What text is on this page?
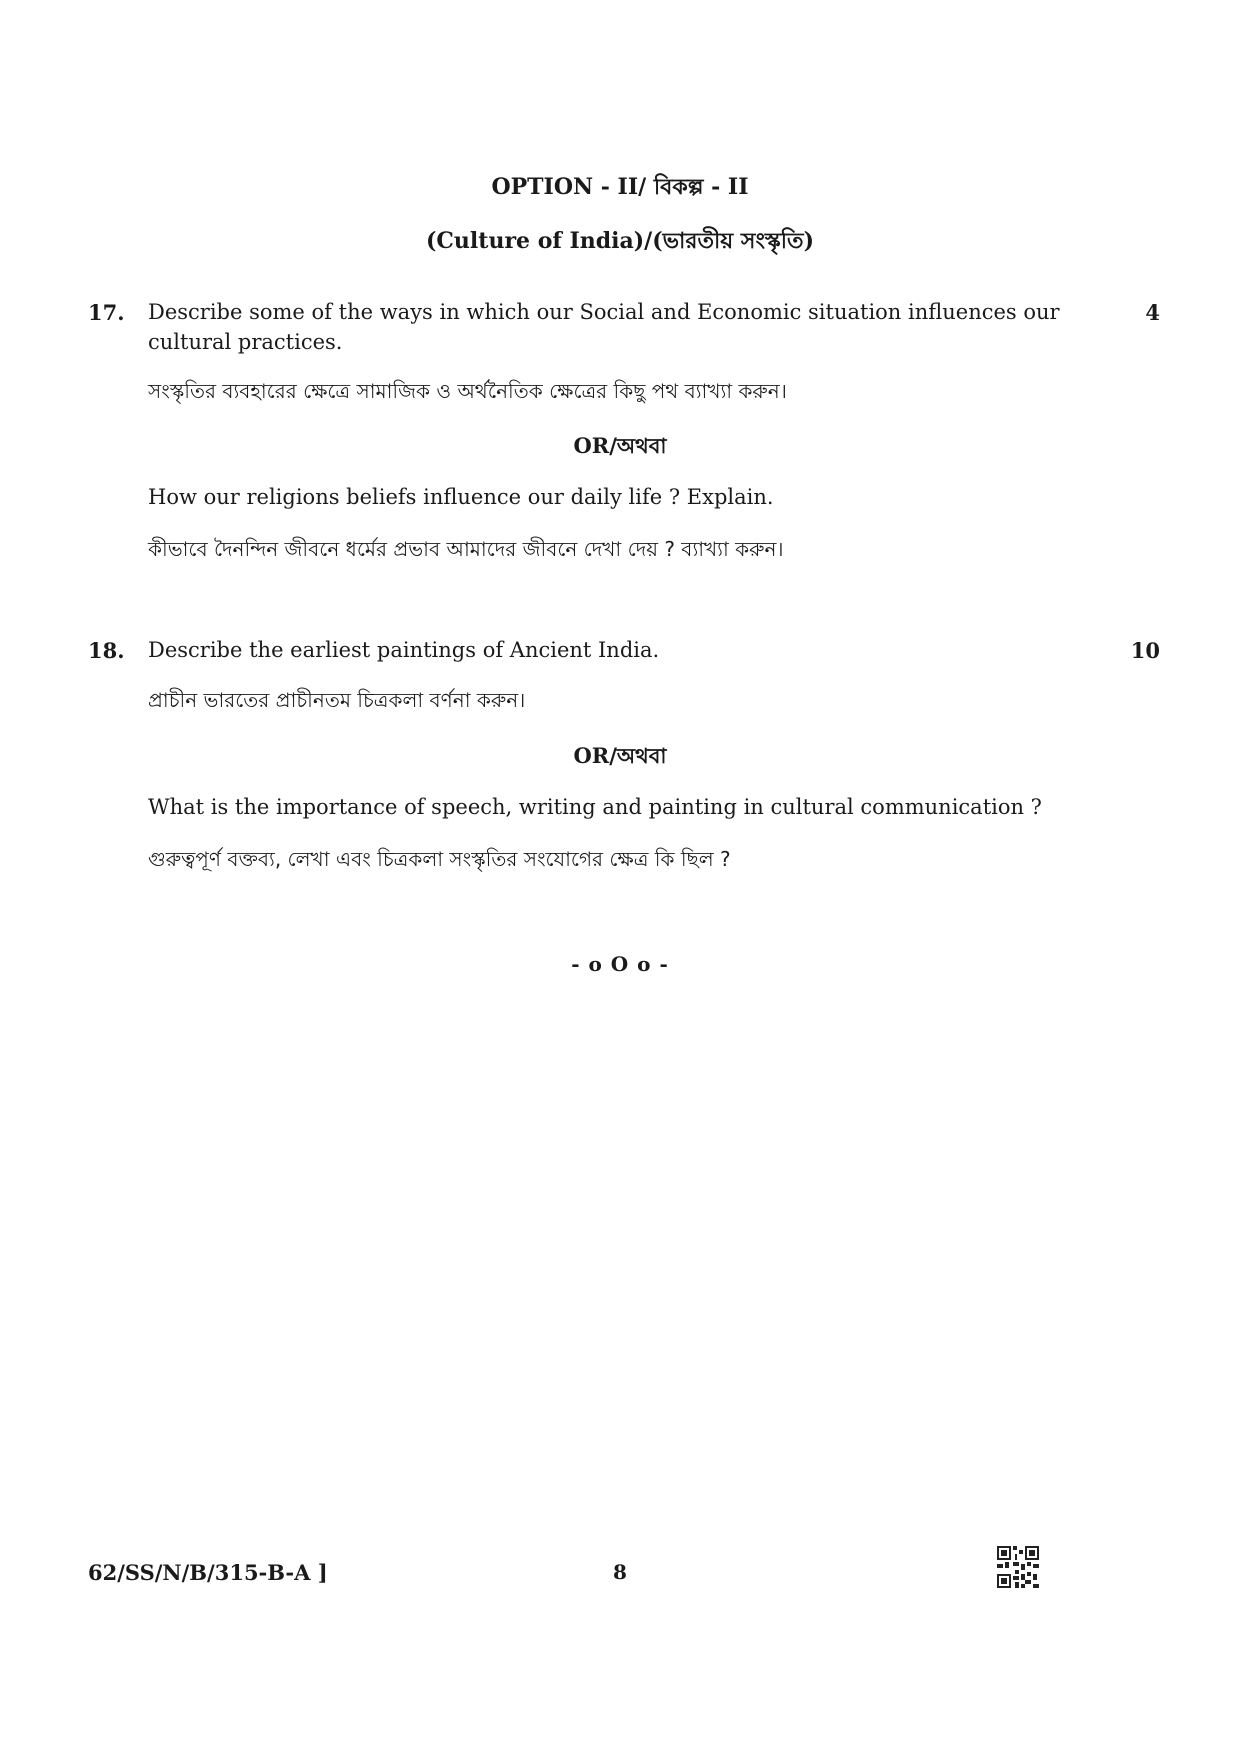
OPTION - II/ বিকল্প - II
(Culture of India)/(ভারতীয় সংস্কৃতি)
17.	4
Describe some of the ways in which our Social and Economic situation influences our cultural practices.
সংস্কৃতির ব্যবহারের ক্ষেত্রে সামাজিক ও অর্থনৈতিক ক্ষেত্রের কিছু পথ ব্যাখ্যা করুন।
OR/অথবা
How our religions beliefs influence our daily life ? Explain.
কীভাবে দৈনন্দিন জীবনে ধর্মের প্রভাব আমাদের জীবনে দেখা দেয় ? ব্যাখ্যা করুন।
18.	10
Describe the earliest paintings of Ancient India.
প্রাচীন ভারতের প্রাচীনতম চিত্রকলা বর্ণনা করুন।
OR/অথবা
What is the importance of speech, writing and painting in cultural communication ?
গুরুত্বপূর্ণ বক্তব্য, লেখা এবং চিত্রকলা সংস্কৃতির সংযোগের ক্ষেত্র কি ছিল ?
- o O o -
62/SS/N/B/315-B-A ]	8
